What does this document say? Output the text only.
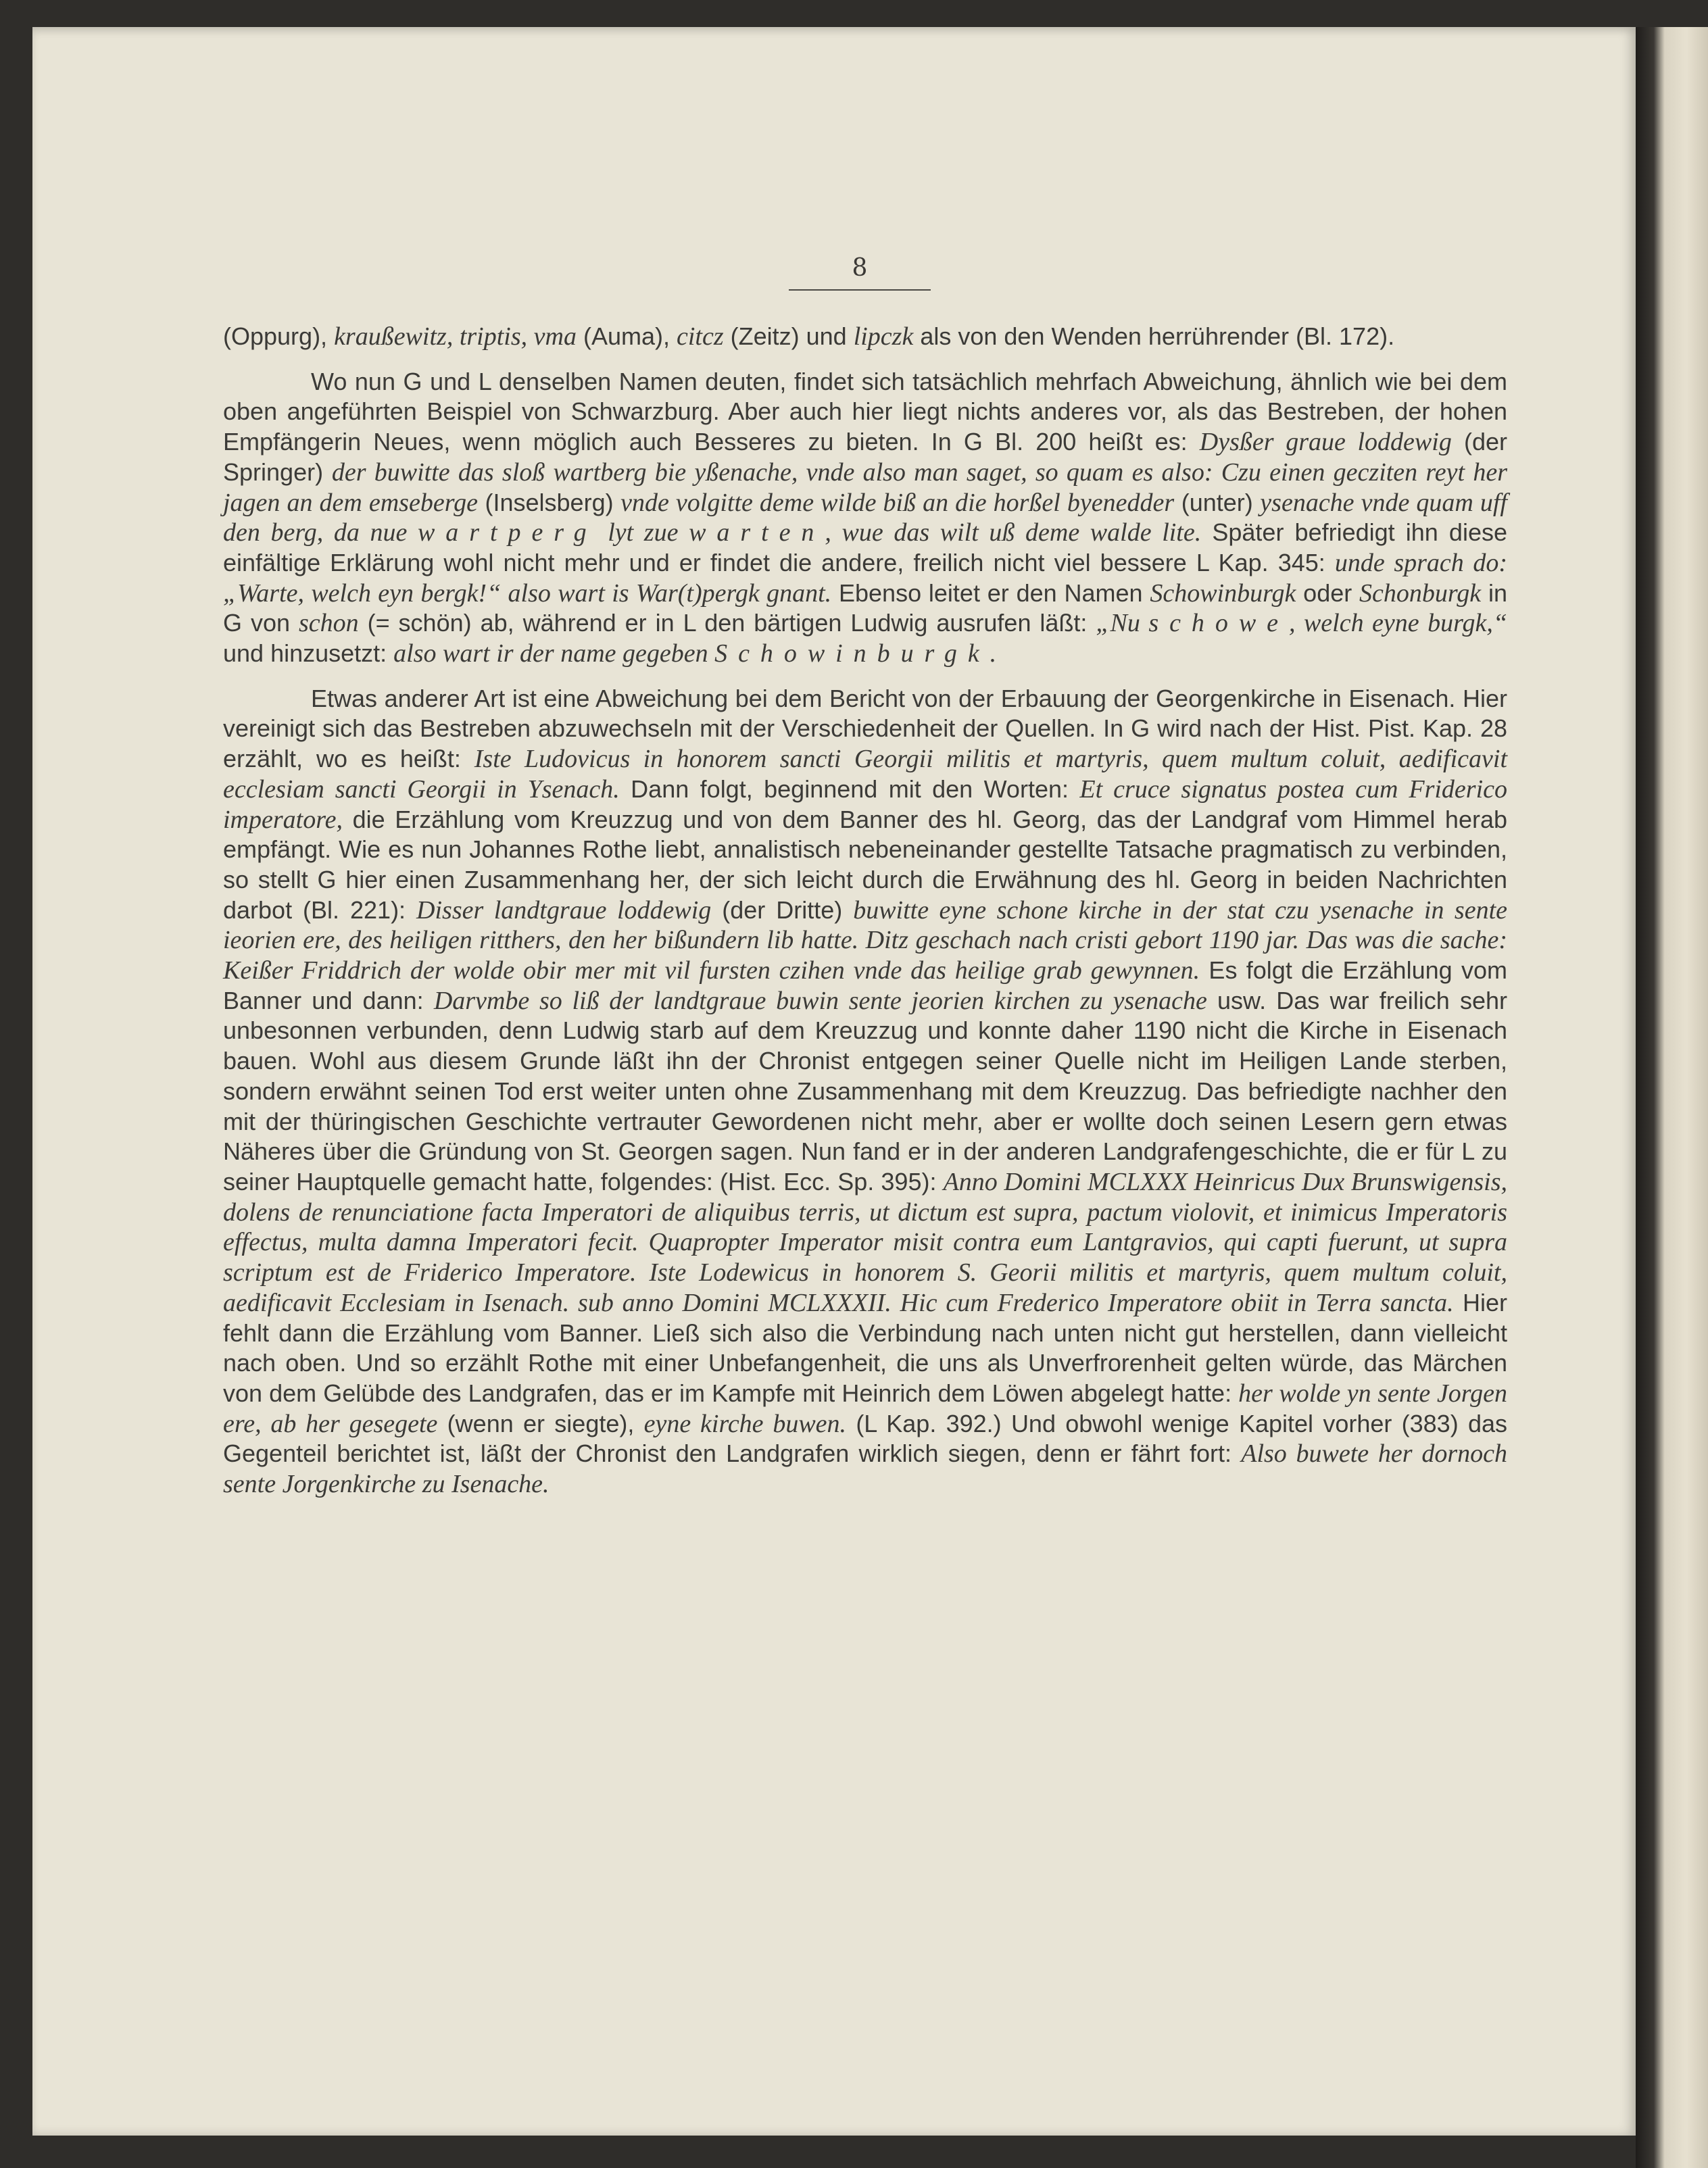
8

(Oppurg), kraußewitz, triptis, vma (Auma), citcz (Zeitz) und lipczk als von den Wenden herrührender (Bl. 172).

Wo nun G und L denselben Namen deuten, findet sich tatsächlich mehrfach Abweichung, ähnlich wie bei dem oben angeführten Beispiel von Schwarzburg. Aber auch hier liegt nichts anderes vor, als das Bestreben, der hohen Empfängerin Neues, wenn möglich auch Besseres zu bieten. In G Bl. 200 heißt es: Dysßer graue loddewig (der Springer) der buwitte das sloß wartberg bie yßenache, vnde also man saget, so quam es also: Czu einen gecziten reyt her jagen an dem emseberge (Inselsberg) vnde volgitte deme wilde biß an die horßel byenedder (unter) ysenache vnde quam uff den berg, da nue wartperg lyt zue warten, wue das wilt uß deme walde lite. Später befriedigt ihn diese einfältige Erklärung wohl nicht mehr und er findet die andere, freilich nicht viel bessere L Kap. 345: unde sprach do: „Warte, welch eyn bergk!“ also wart is War(t)pergk gnant. Ebenso leitet er den Namen Schowinburgk oder Schonburgk in G von schon (= schön) ab, während er in L den bärtigen Ludwig ausrufen läßt: „Nu schowe, welch eyne burgk,“ und hinzusetzt: also wart ir der name gegeben Schowinburgk.

Etwas anderer Art ist eine Abweichung bei dem Bericht von der Erbauung der Georgenkirche in Eisenach. Hier vereinigt sich das Bestreben abzuwechseln mit der Verschiedenheit der Quellen. In G wird nach der Hist. Pist. Kap. 28 erzählt, wo es heißt: Iste Ludovicus in honorem sancti Georgii militis et martyris, quem multum coluit, aedificavit ecclesiam sancti Georgii in Ysenach. Dann folgt, beginnend mit den Worten: Et cruce signatus postea cum Friderico imperatore, die Erzählung vom Kreuzzug und von dem Banner des hl. Georg, das der Landgraf vom Himmel herab empfängt. Wie es nun Johannes Rothe liebt, annalistisch nebeneinander gestellte Tatsache pragmatisch zu verbinden, so stellt G hier einen Zusammenhang her, der sich leicht durch die Erwähnung des hl. Georg in beiden Nachrichten darbot (Bl. 221): Disser landtgraue loddewig (der Dritte) buwitte eyne schone kirche in der stat czu ysenache in sente ieorien ere, des heiligen ritthers, den her bißundern lib hatte. Ditz geschach nach cristi gebort 1190 jar. Das was die sache: Keißer Friddrich der wolde obir mer mit vil fursten czihen vnde das heilige grab gewynnen. Es folgt die Erzählung vom Banner und dann: Darvmbe so liß der landtgraue buwin sente jeorien kirchen zu ysenache usw. Das war freilich sehr unbesonnen verbunden, denn Ludwig starb auf dem Kreuzzug und konnte daher 1190 nicht die Kirche in Eisenach bauen. Wohl aus diesem Grunde läßt ihn der Chronist entgegen seiner Quelle nicht im Heiligen Lande sterben, sondern erwähnt seinen Tod erst weiter unten ohne Zusammenhang mit dem Kreuzzug. Das befriedigte nachher den mit der thüringischen Geschichte vertrauter Gewordenen nicht mehr, aber er wollte doch seinen Lesern gern etwas Näheres über die Gründung von St. Georgen sagen. Nun fand er in der anderen Landgrafengeschichte, die er für L zu seiner Hauptquelle gemacht hatte, folgendes: (Hist. Ecc. Sp. 395): Anno Domini MCLXXX Heinricus Dux Brunswigensis, dolens de renunciatione facta Imperatori de aliquibus terris, ut dictum est supra, pactum violovit, et inimicus Imperatoris effectus, multa damna Imperatori fecit. Quapropter Imperator misit contra eum Lantgravios, qui capti fuerunt, ut supra scriptum est de Friderico Imperatore. Iste Lodewicus in honorem S. Georii militis et martyris, quem multum coluit, aedificavit Ecclesiam in Isenach. sub anno Domini MCLXXXII. Hic cum Frederico Imperatore obiit in Terra sancta. Hier fehlt dann die Erzählung vom Banner. Ließ sich also die Verbindung nach unten nicht gut herstellen, dann vielleicht nach oben. Und so erzählt Rothe mit einer Unbefangenheit, die uns als Unverfrorenheit gelten würde, das Märchen von dem Gelübde des Landgrafen, das er im Kampfe mit Heinrich dem Löwen abgelegt hatte: her wolde yn sente Jorgen ere, ab her gesegete (wenn er siegte), eyne kirche buwen. (L Kap. 392.) Und obwohl wenige Kapitel vorher (383) das Gegenteil berichtet ist, läßt der Chronist den Landgrafen wirklich siegen, denn er fährt fort: Also buwete her dornoch sente Jorgenkirche zu Isenache.
